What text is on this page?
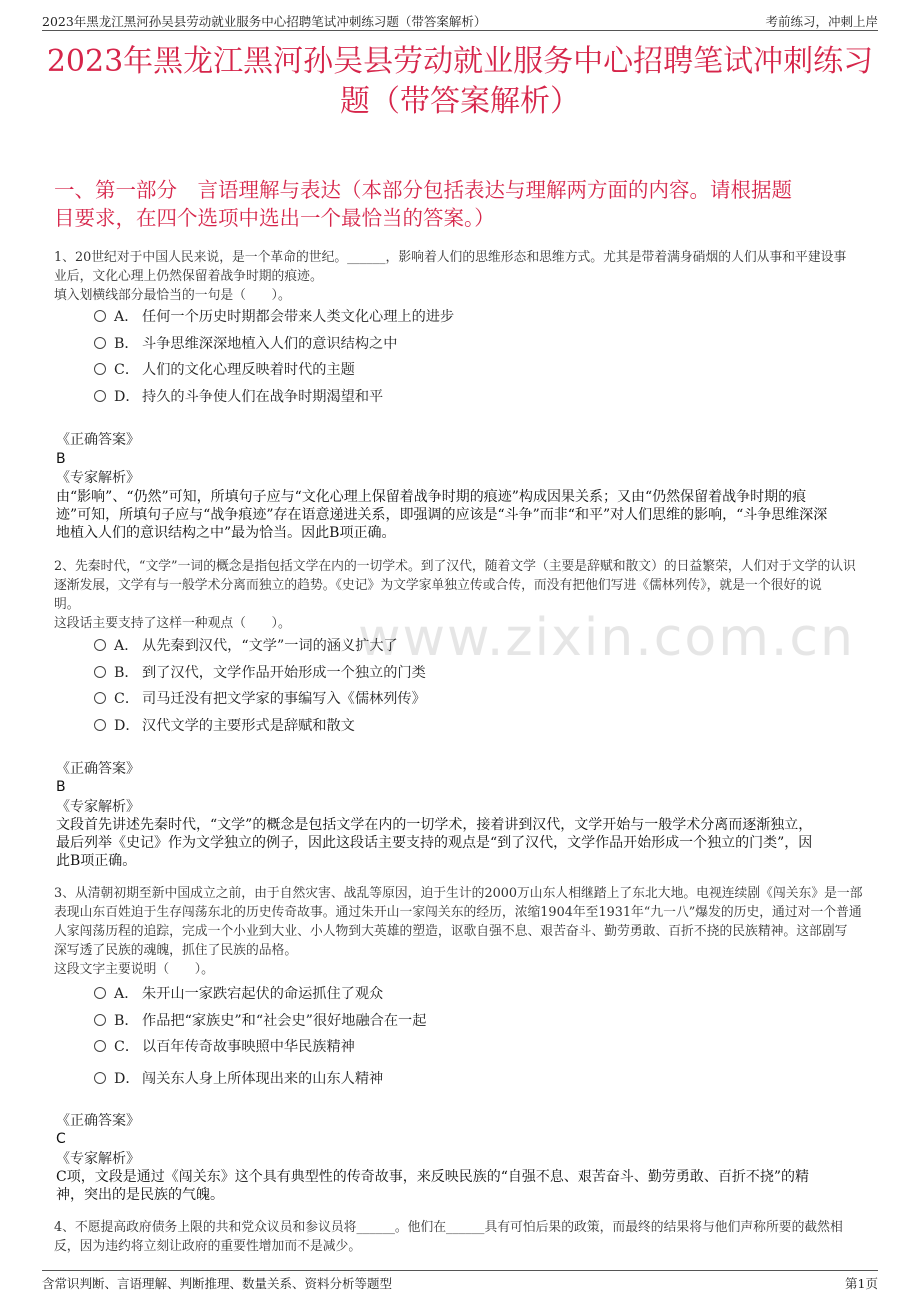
2023年黑龙江黑河孙吴县劳动就业服务中心招聘笔试冲刺练习题（带答案解析）	考前练习，冲刺上岸
2023年黑龙江黑河孙吴县劳动就业服务中心招聘笔试冲刺练习
题（带答案解析）
一、第一部分　言语理解与表达（本部分包括表达与理解两方面的内容。请根据题
目要求，在四个选项中选出一个最恰当的答案。）
www.zixin.com.cn
1、20世纪对于中国人民来说，是一个革命的世纪。______，影响着人们的思维形态和思维方式。尤其是带着满身硝烟的人们从事和平建设事
业后，文化心理上仍然保留着战争时期的痕迹。
填入划横线部分最恰当的一句是（　　）。
A． 任何一个历史时期都会带来人类文化心理上的进步
B． 斗争思维深深地植入人们的意识结构之中
C． 人们的文化心理反映着时代的主题
D． 持久的斗争使人们在战争时期渴望和平
《正确答案》
B
《专家解析》
由“影响”、“仍然”可知，所填句子应与“文化心理上保留着战争时期的痕迹”构成因果关系；又由“仍然保留着战争时期的痕
迹”可知，所填句子应与“战争痕迹”存在语意递进关系，即强调的应该是“斗争”而非“和平”对人们思维的影响，“斗争思维深深
地植入人们的意识结构之中”最为恰当。因此B项正确。
2、先秦时代，“文学”一词的概念是指包括文学在内的一切学术。到了汉代，随着文学（主要是辞赋和散文）的日益繁荣，人们对于文学的认识
逐渐发展，文学有与一般学术分离而独立的趋势。《史记》为文学家单独立传或合传，而没有把他们写进《儒林列传》，就是一个很好的说
明。
这段话主要支持了这样一种观点（　　）。
A． 从先秦到汉代，“文学”一词的涵义扩大了
B． 到了汉代，文学作品开始形成一个独立的门类
C． 司马迁没有把文学家的事编写入《儒林列传》
D． 汉代文学的主要形式是辞赋和散文
《正确答案》
B
《专家解析》
文段首先讲述先秦时代，“文学”的概念是包括文学在内的一切学术，接着讲到汉代，文学开始与一般学术分离而逐渐独立，
最后列举《史记》作为文学独立的例子，因此这段话主要支持的观点是“到了汉代，文学作品开始形成一个独立的门类”，因
此B项正确。
3、从清朝初期至新中国成立之前，由于自然灾害、战乱等原因，迫于生计的2000万山东人相继踏上了东北大地。电视连续剧《闯关东》是一部
表现山东百姓迫于生存闯荡东北的历史传奇故事。通过朱开山一家闯关东的经历，浓缩1904年至1931年“九一八”爆发的历史，通过对一个普通
人家闯荡历程的追踪，完成一个小业到大业、小人物到大英雄的塑造，讴歌自强不息、艰苦奋斗、勤劳勇敢、百折不挠的民族精神。这部剧写
深写透了民族的魂魄，抓住了民族的品格。
这段文字主要说明（　　）。
A． 朱开山一家跌宕起伏的命运抓住了观众
B． 作品把“家族史”和“社会史”很好地融合在一起
C． 以百年传奇故事映照中华民族精神
D． 闯关东人身上所体现出来的山东人精神
《正确答案》
C
《专家解析》
C项，文段是通过《闯关东》这个具有典型性的传奇故事，来反映民族的“自强不息、艰苦奋斗、勤劳勇敢、百折不挠”的精
神，突出的是民族的气魄。
4、不愿提高政府债务上限的共和党众议员和参议员将______。他们在______具有可怕后果的政策，而最终的结果将与他们声称所要的截然相
反，因为违约将立刻让政府的重要性增加而不是减少。
含常识判断、言语理解、判断推理、数量关系、资料分析等题型	第1页
